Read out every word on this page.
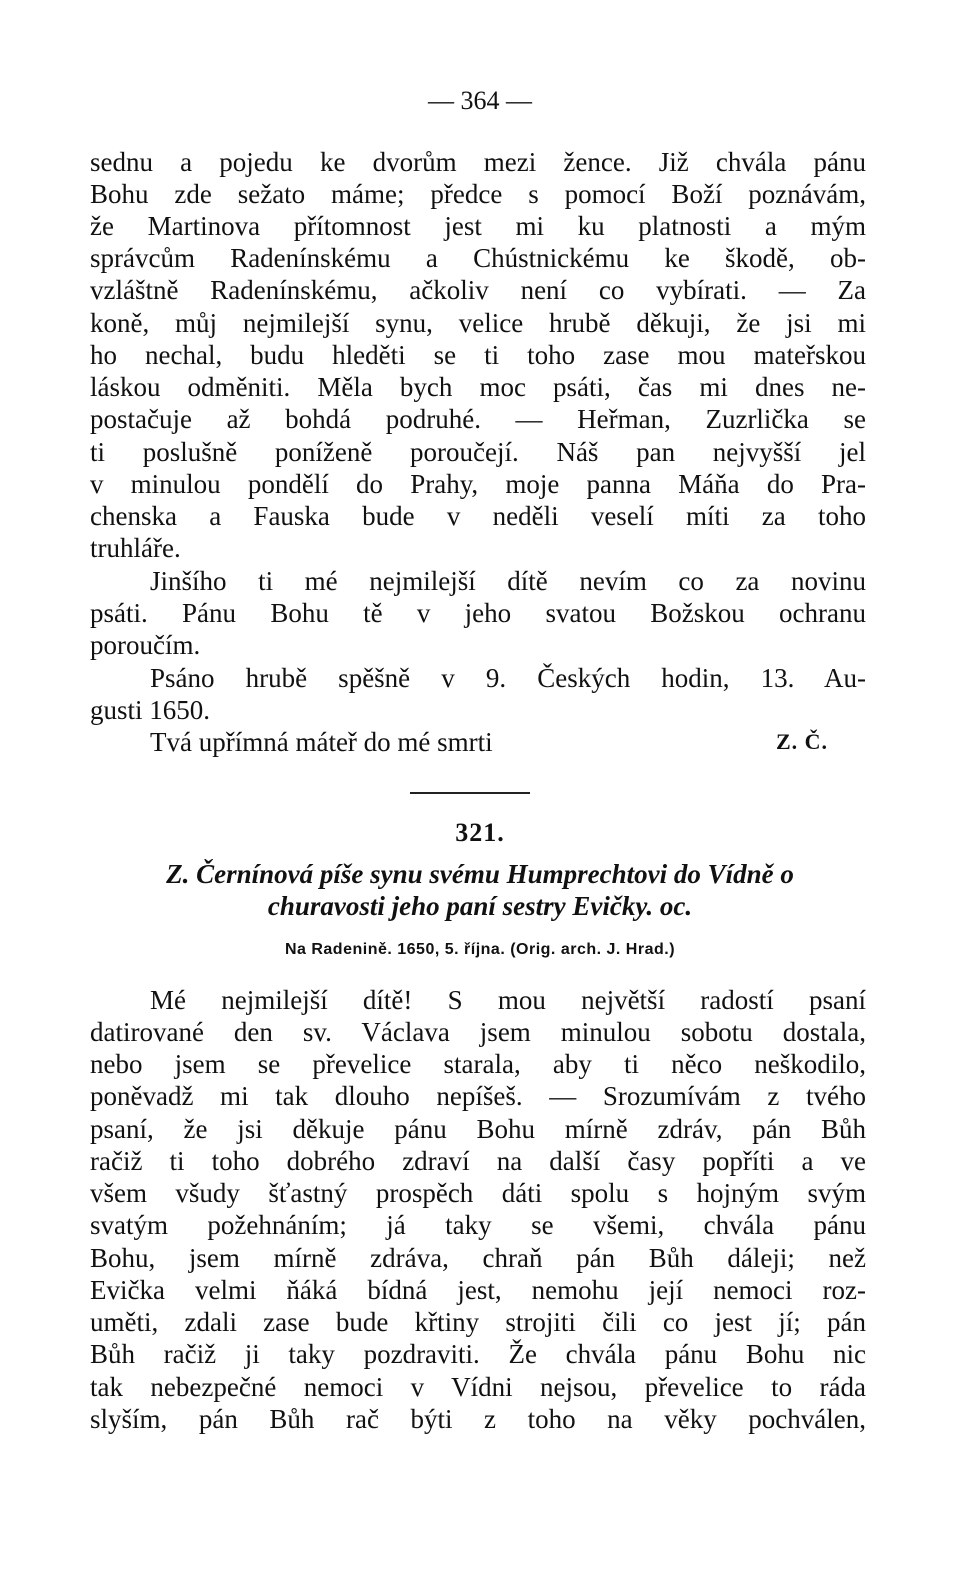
— 364 —
sednu a pojedu ke dvorům mezi žence. Již chvála pánu
Bohu zde sežato máme; předce s pomocí Boží poznávám,
že Martinova přítomnost jest mi ku platnosti a mým
správcům Radenínskému a Chústnickému ke škodě, ob-
vzláštně Radenínskému, ačkoliv není co vybírati. — Za
koně, můj nejmilejší synu, velice hrubě děkuji, že jsi mi
ho nechal, budu hleděti se ti toho zase mou mateřskou
láskou odměniti. Měla bych moc psáti, čas mi dnes ne-
postačuje až bohdá podruhé. — Heřman, Zuzrlička se
ti poslušně poníženě poroučejí. Náš pan nejvyšší jel
v minulou pondělí do Prahy, moje panna Máňa do Pra-
chenska a Fauska bude v neděli veselí míti za toho
truhláře.
Jinšího ti mé nejmilejší dítě nevím co za novinu
psáti. Pánu Bohu tě v jeho svatou Božskou ochranu
poroučím.
Psáno hrubě spěšně v 9. Českých hodin, 13. Au-
gusti 1650.
Tvá upřímná máteř do mé smrti	Z. Č.
321.
Z. Černínová píše synu svému Humprechtovi do Vídně o
churavosti jeho paní sestry Evičky. oc.
Na Radenině. 1650, 5. října. (Orig. arch. J. Hrad.)
Mé nejmilejší dítě! S mou největší radostí psaní
datirované den sv. Václava jsem minulou sobotu dostala,
nebo jsem se převelice starala, aby ti něco neškodilo,
poněvadž mi tak dlouho nepíšeš. — Srozumívám z tvého
psaní, že jsi děkuje pánu Bohu mírně zdráv, pán Bůh
račiž ti toho dobrého zdraví na další časy popříti a ve
všem všudy šťastný prospěch dáti spolu s hojným svým
svatým požehnáním; já taky se všemi, chvála pánu
Bohu, jsem mírně zdráva, chraň pán Bůh dáleji; než
Evička velmi ňáká bídná jest, nemohu její nemoci roz-
uměti, zdali zase bude křtiny strojiti čili co jest jí; pán
Bůh račiž ji taky pozdraviti. Že chvála pánu Bohu nic
tak nebezpečné nemoci v Vídni nejsou, převelice to ráda
slyším, pán Bůh rač býti z toho na věky pochválen,
